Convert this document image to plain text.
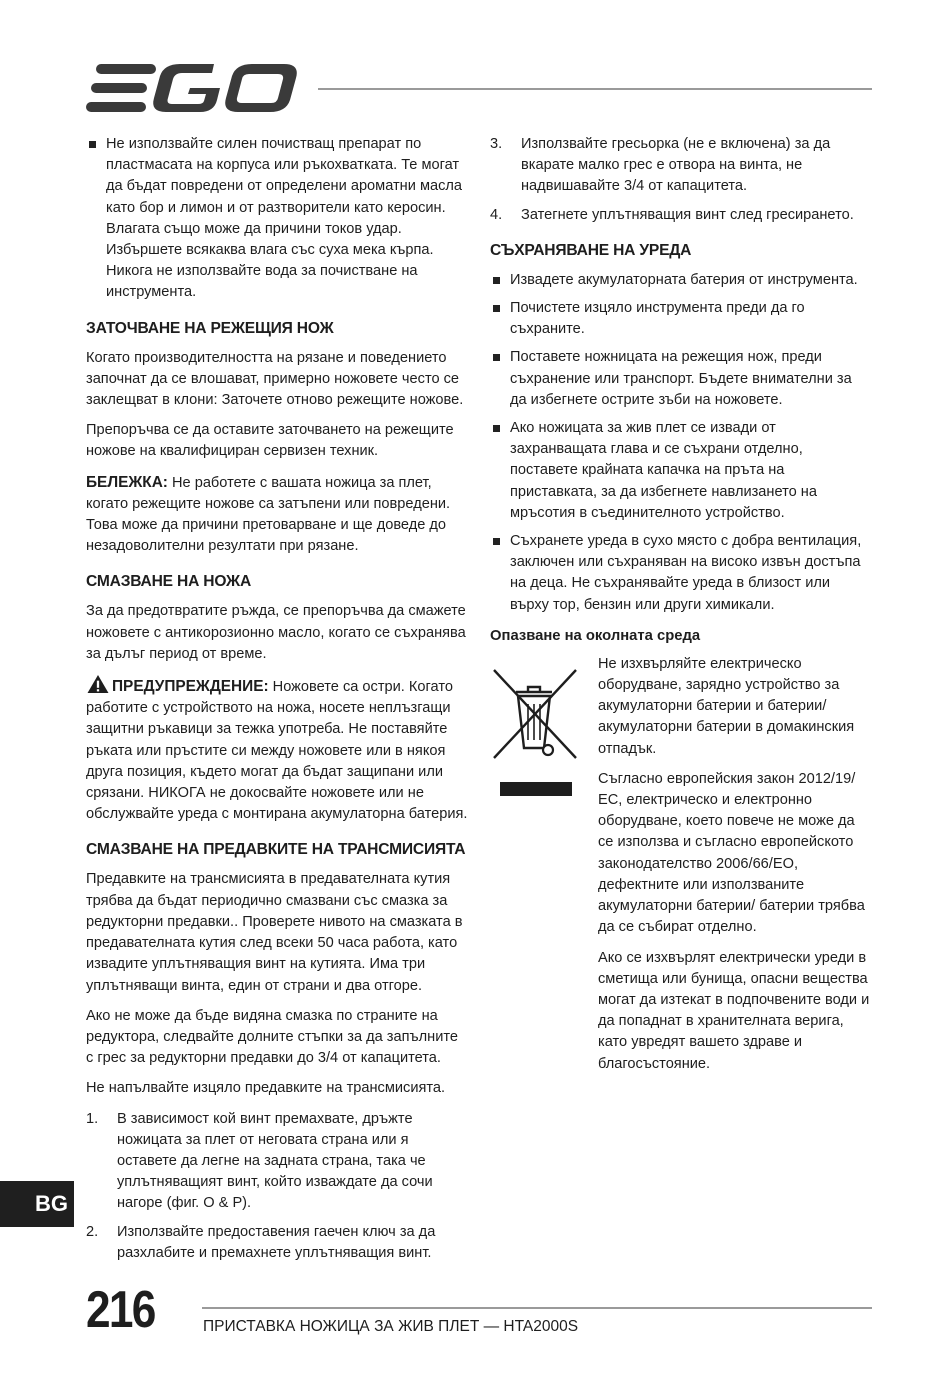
Не използвайте силен почистващ препарат по пластмасата на корпуса или ръкохватката. Те могат да бъдат повредени от определени ароматни масла като бор и лимон и от разтворители като керосин. Влагата също може да причини токов удар. Избършете всякаква влага със суха мека кърпа. Никога не използвайте вода за почистване на инструмента.
ЗАТОЧВАНЕ НА РЕЖЕЩИЯ НОЖ

Когато производителността на рязане и поведението започнат да се влошават, примерно ножовете често се заклещват в клони: Заточете отново режещите ножове.

Препоръчва се да оставите заточването на режещите ножове на квалифициран сервизен техник.

БЕЛЕЖКА: Не работете с вашата ножица за плет, когато режещите ножове са затъпени или повредени. Това може да причини претоварване и ще доведе до незадоволителни резултати при рязане.

СМАЗВАНЕ НА НОЖА

За да предотвратите ръжда, се препоръчва да смажете ножовете с антикорозионно масло, когато се съхранява за дълъг период от време.

ПРЕДУПРЕЖДЕНИЕ: Ножовете са остри. Когато работите с устройството на ножа, носете неплъзгащи защитни ръкавици за тежка употреба. Не поставяйте ръката или пръстите си между ножовете или в някоя друга позиция, където могат да бъдат защипани или срязани. НИКОГА не докосвайте ножовете или не обслужвайте уреда с монтирана акумулаторна батерия.

СМАЗВАНЕ НА ПРЕДАВКИТЕ НА ТРАНСМИСИЯТА

Предавките на трансмисията в предавателната кутия трябва да бъдат периодично смазвани със смазка за редукторни предавки.. Проверете нивото на смазката в предавателната кутия след всеки 50 часа работа, като извадите уплътняващия винт на кутията. Има три уплътняващи винта, един от страни и два отгоре.

Ако не може да бъде видяна смазка по страните на редуктора, следвайте долните стъпки за да запълните с грес за редукторни предавки до 3/4 от капацитета.

Не напълвайте изцяло предавките на трансмисията.

1. В зависимост кой винт премахвате, дръжте ножицата за плет от неговата страна или я оставете да легне на задната страна, така че уплътняващият винт, който изваждате да сочи нагоре (фиг. O & P).
2. Използвайте предоставения гаечен ключ за да разхлабите и премахнете уплътняващия винт.
3. Използвайте гресьорка (не е включена) за да вкарате малко грес е отвора на винта, не надвишавайте 3/4 от капацитета.
4. Затегнете уплътняващия винт след гресирането.
СЪХРАНЯВАНЕ НА УРЕДА
Извадете акумулаторната батерия от инструмента.
Почистете изцяло инструмента преди да го съхраните.
Поставете ножницата на режещия нож, преди съхранение или транспорт. Бъдете внимателни за да избегнете острите зъби на ножовете.
Ако ножицата за жив плет се извади от захранващата глава и се съхрани отделно, поставете крайната капачка на пръта на приставката, за да избегнете навлизането на мръсотия в съединителното устройство.
Съхранете уреда в сухо място с добра вентилация, заключен или съхраняван на високо извън достъпа на деца. Не съхранявайте уреда в близост или върху тор, бензин или други химикали.
Опазване на околната среда

Не изхвърляйте електрическо оборудване, зарядно устройство за акумулаторни батерии и батерии/ акумулаторни батерии в домакинския отпадък.

Съгласно европейския закон 2012/19/ЕС, електрическо и електронно оборудване, което повече не може да се използва и съгласно европейското законодателство 2006/66/ЕО, дефектните или използваните акумулаторни батерии/ батерии трябва да се събират отделно.

Ако се изхвърлят електрически уреди в сметища или бунища, опасни вещества могат да изтекат в подпочвените води и да попаднат в хранителната верига, като увредят вашето здраве и благосъстояние.

BG
216	ПРИСТАВКА НОЖИЦА ЗА ЖИВ ПЛЕТ — HTA2000S
